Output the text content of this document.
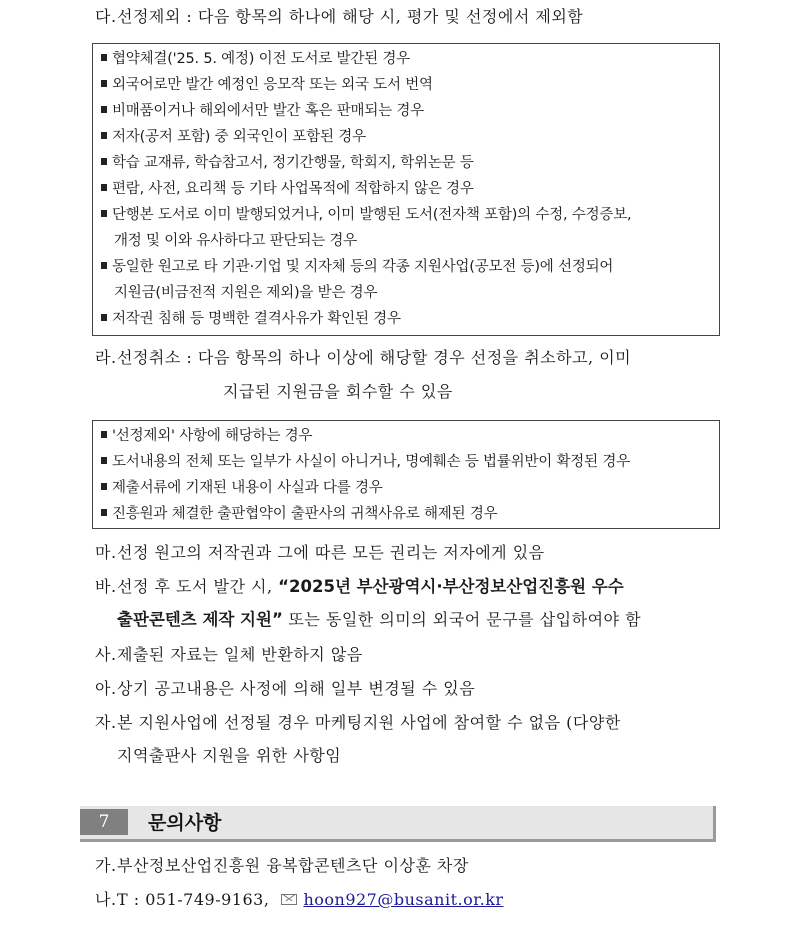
다.선정제외 : 다음 항목의 하나에 해당 시, 평가 및 선정에서 제외함
협약체결('25. 5. 예정) 이전 도서로 발간된 경우
외국어로만 발간 예정인 응모작 또는 외국 도서 번역
비매품이거나 해외에서만 발간 혹은 판매되는 경우
저자(공저 포함) 중 외국인이 포함된 경우
학습 교재류, 학습참고서, 정기간행물, 학회지, 학위논문 등
편람, 사전, 요리책 등 기타 사업목적에 적합하지 않은 경우
단행본 도서로 이미 발행되었거나, 이미 발행된 도서(전자책 포함)의 수정, 수정증보,
개정 및 이와 유사하다고 판단되는 경우
동일한 원고로 타 기관·기업 및 지자체 등의 각종 지원사업(공모전 등)에 선정되어
지원금(비금전적 지원은 제외)을 받은 경우
저작권 침해 등 명백한 결격사유가 확인된 경우
라.선정취소 : 다음 항목의 하나 이상에 해당할 경우 선정을 취소하고, 이미
지급된 지원금을 회수할 수 있음
'선정제외' 사항에 해당하는 경우
도서내용의 전체 또는 일부가 사실이 아니거나, 명예훼손 등 법률위반이 확정된 경우
제출서류에 기재된 내용이 사실과 다를 경우
진흥원과 체결한 출판협약이 출판사의 귀책사유로 해제된 경우
마.선정 원고의 저작권과 그에 따른 모든 권리는 저자에게 있음
바.선정 후 도서 발간 시, “2025년 부산광역시·부산정보산업진흥원 우수
출판콘텐츠 제작 지원” 또는 동일한 의미의 외국어 문구를 삽입하여야 함
사.제출된 자료는 일체 반환하지 않음
아.상기 공고내용은 사정에 의해 일부 변경될 수 있음
자.본 지원사업에 선정될 경우 마케팅지원 사업에 참여할 수 없음 (다양한
지역출판사 지원을 위한 사항임
7	문의사항
가.부산정보산업진흥원 융복합콘텐츠단 이상훈 차장
나.T : 051-749-9163, hoon927@busanit.or.kr
